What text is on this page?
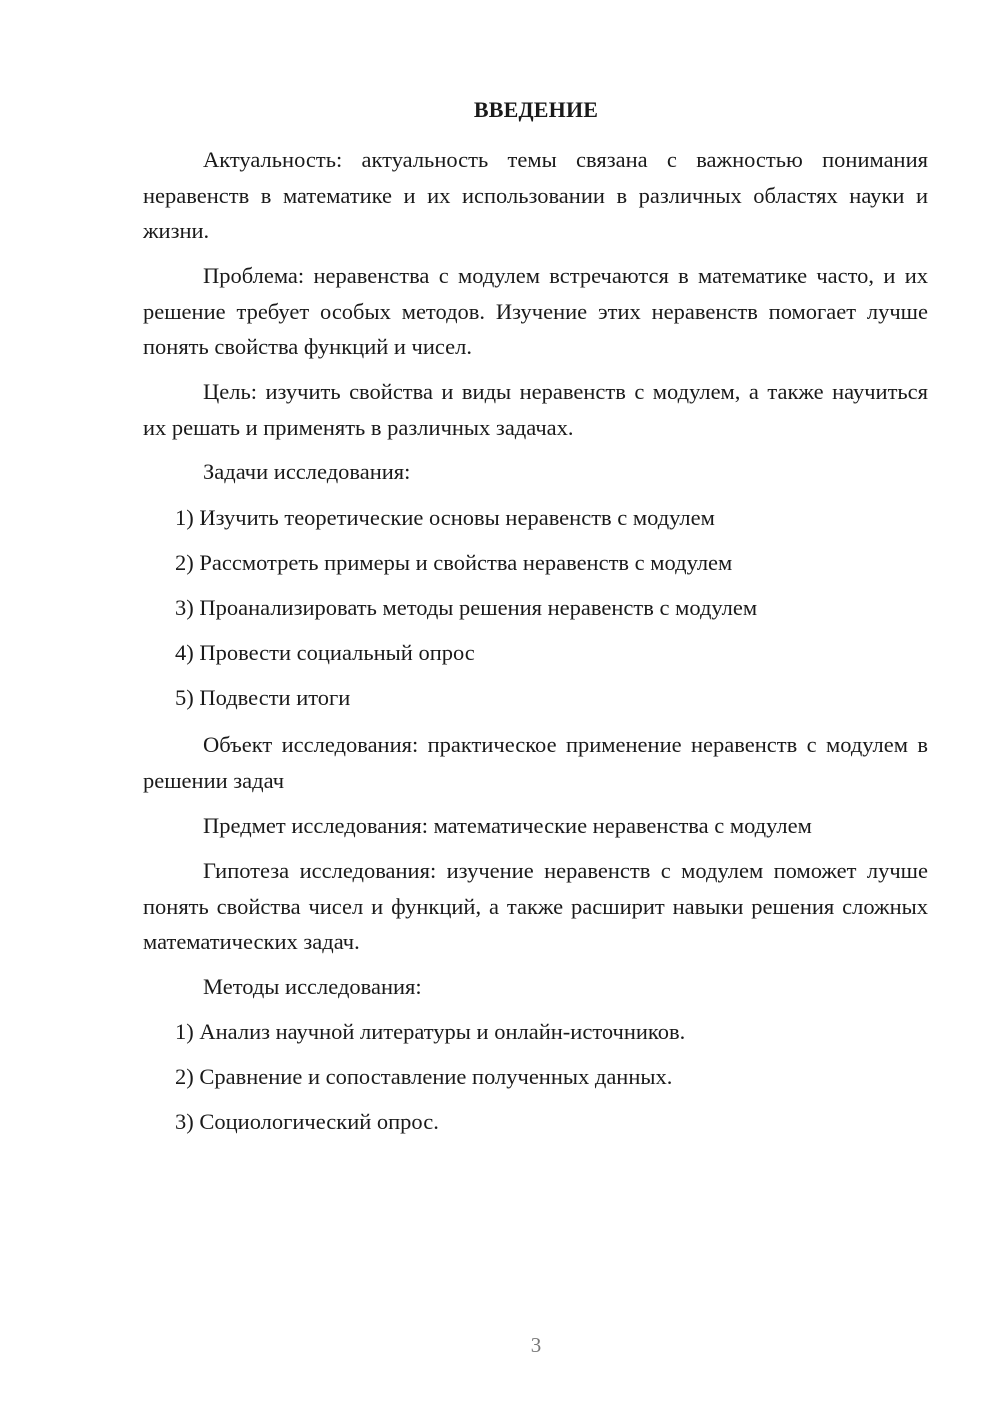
ВВЕДЕНИЕ

Актуальность: актуальность темы связана с важностью понимания неравенств в математике и их использовании в различных областях науки и жизни.

Проблема: неравенства с модулем встречаются в математике часто, и их решение требует особых методов. Изучение этих неравенств помогает лучше понять свойства функций и чисел.

Цель: изучить свойства и виды неравенств с модулем, а также научиться их решать и применять в различных задачах.

Задачи исследования:
1) Изучить теоретические основы неравенств с модулем
2) Рассмотреть примеры и свойства неравенств с модулем
3) Проанализировать методы решения неравенств с модулем
4) Провести социальный опрос
5) Подвести итоги

Объект исследования: практическое применение неравенств с модулем в решении задач

Предмет исследования: математические неравенства с модулем

Гипотеза исследования: изучение неравенств с модулем поможет лучше понять свойства чисел и функций, а также расширит навыки решения сложных математических задач.

Методы исследования:
1) Анализ научной литературы и онлайн-источников.
2) Сравнение и сопоставление полученных данных.
3) Социологический опрос.
3
